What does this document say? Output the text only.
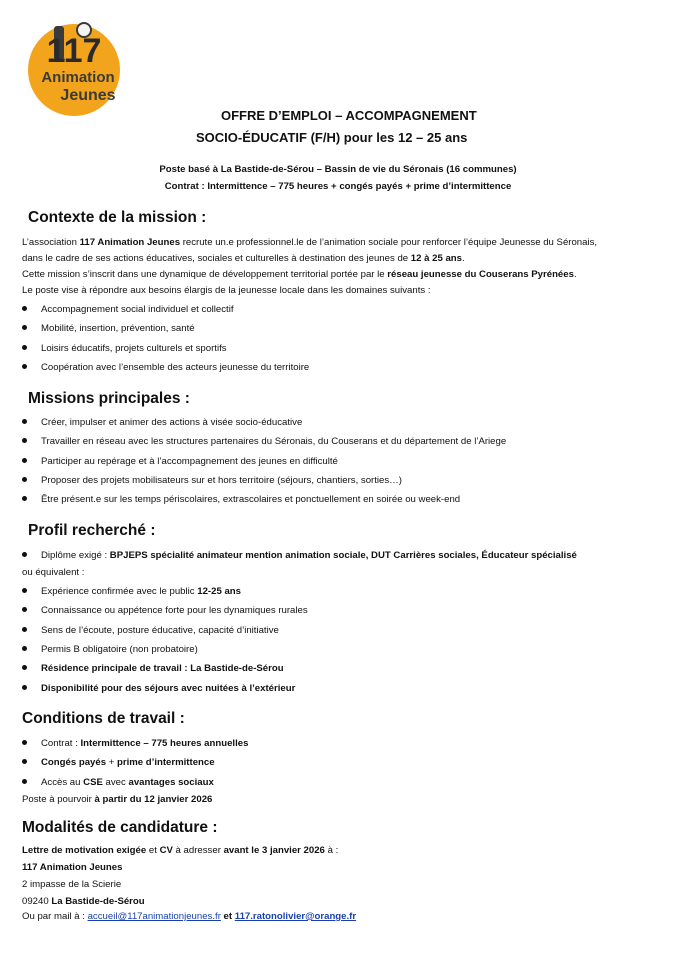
117
Animation
Jeunes
OFFRE D’EMPLOI – ACCOMPAGNEMENT
SOCIO-ÉDUCATIF (F/H) pour les 12 – 25 ans
Poste basé à La Bastide-de-Sérou – Bassin de vie du Séronais (16 communes)
Contrat : Intermittence – 775 heures + congés payés + prime d’intermittence
Contexte de la mission :
L’association 117 Animation Jeunes recrute un.e professionnel.le de l’animation sociale pour renforcer l’équipe Jeunesse du Séronais,
dans le cadre de ses actions éducatives, sociales et culturelles à destination des jeunes de 12 à 25 ans.
Cette mission s’inscrit dans une dynamique de développement territorial portée par le réseau jeunesse du Couserans Pyrénées.
Le poste vise à répondre aux besoins élargis de la jeunesse locale dans les domaines suivants :
Accompagnement social individuel et collectif
Mobilité, insertion, prévention, santé
Loisirs éducatifs, projets culturels et sportifs
Coopération avec l’ensemble des acteurs jeunesse du territoire
Missions principales :
Créer, impulser et animer des actions à visée socio-éducative
Travailler en réseau avec les structures partenaires du Séronais, du Couserans et du département de l’Ariege
Participer au repérage et à l’accompagnement des jeunes en difficulté
Proposer des projets mobilisateurs sur et hors territoire (séjours, chantiers, sorties…)
Être présent.e sur les temps périscolaires, extrascolaires et ponctuellement en soirée ou week-end
Profil recherché :
Diplôme exigé : BPJEPS spécialité animateur mention animation sociale, DUT Carrières sociales, Éducateur spécialisé
ou équivalent :
Expérience confirmée avec le public 12-25 ans
Connaissance ou appétence forte pour les dynamiques rurales
Sens de l’écoute, posture éducative, capacité d’initiative
Permis B obligatoire (non probatoire)
Résidence principale de travail : La Bastide-de-Sérou
Disponibilité pour des séjours avec nuitées à l’extérieur
Conditions de travail :
Contrat : Intermittence – 775 heures annuelles
Congés payés + prime d’intermittence
Accès au CSE avec avantages sociaux
Poste à pourvoir à partir du 12 janvier 2026
Modalités de candidature :
Lettre de motivation exigée et CV à adresser avant le 3 janvier 2026 à :
117 Animation Jeunes
2 impasse de la Scierie
09240 La Bastide-de-Sérou
Ou par mail à : accueil@117animationjeunes.fr et 117.ratonolivier@orange.fr
